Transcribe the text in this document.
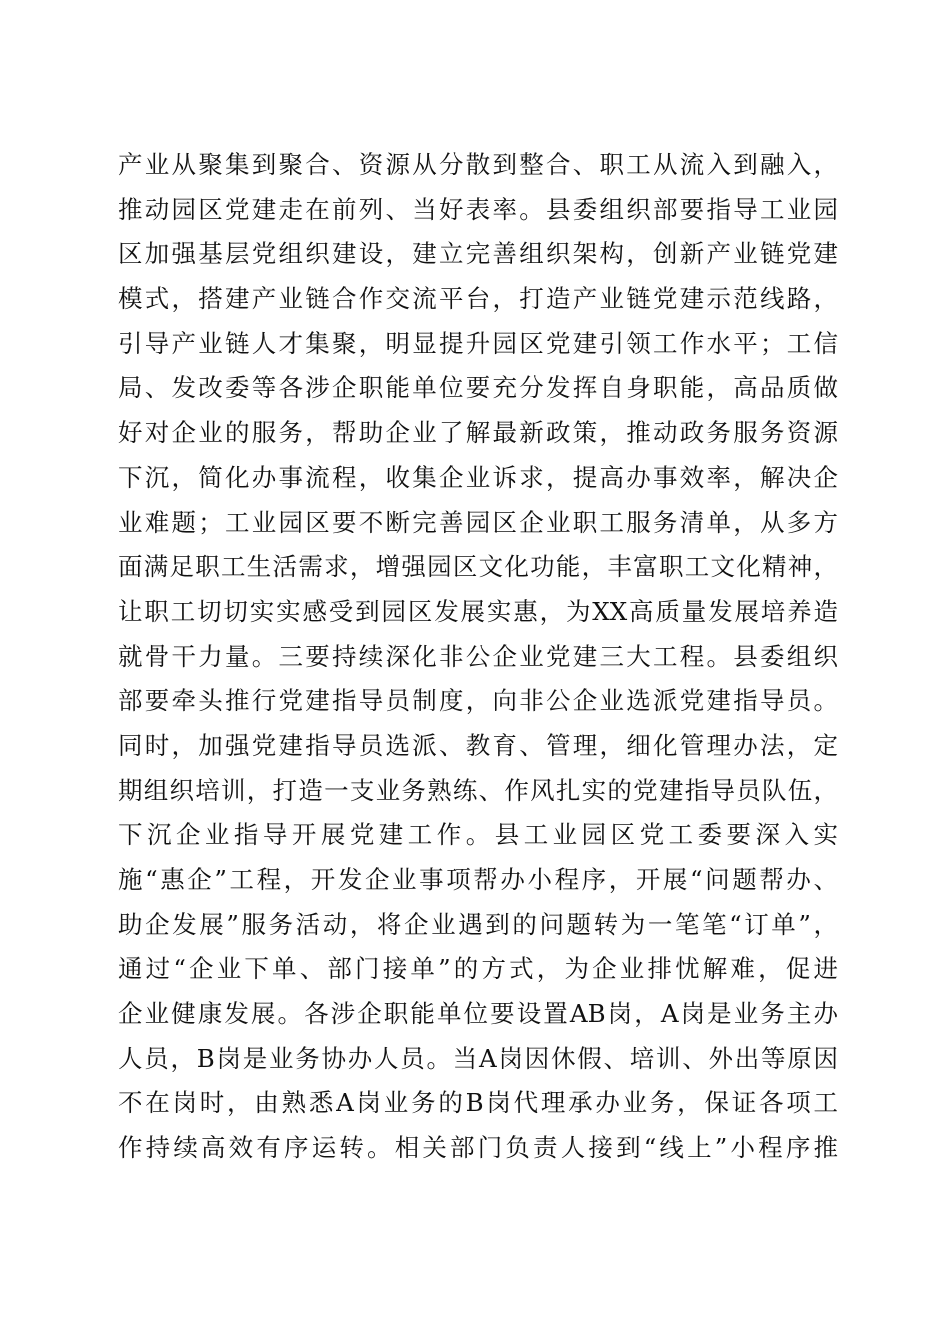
产业从聚集到聚合、资源从分散到整合、职工从流入到融入，
推动园区党建走在前列、当好表率。县委组织部要指导工业园
区加强基层党组织建设，建立完善组织架构，创新产业链党建
模式，搭建产业链合作交流平台，打造产业链党建示范线路，
引导产业链人才集聚，明显提升园区党建引领工作水平；工信
局、发改委等各涉企职能单位要充分发挥自身职能，高品质做
好对企业的服务，帮助企业了解最新政策，推动政务服务资源
下沉，简化办事流程，收集企业诉求，提高办事效率，解决企
业难题；工业园区要不断完善园区企业职工服务清单，从多方
面满足职工生活需求，增强园区文化功能，丰富职工文化精神，
让职工切切实实感受到园区发展实惠，为XX高质量发展培养造
就骨干力量。三要持续深化非公企业党建三大工程。县委组织
部要牵头推行党建指导员制度，向非公企业选派党建指导员。
同时，加强党建指导员选派、教育、管理，细化管理办法，定
期组织培训，打造一支业务熟练、作风扎实的党建指导员队伍，
下沉企业指导开展党建工作。县工业园区党工委要深入实
施“惠企”工程，开发企业事项帮办小程序，开展“问题帮办、
助企发展”服务活动，将企业遇到的问题转为一笔笔“订单”，
通过“企业下单、部门接单”的方式，为企业排忧解难，促进
企业健康发展。各涉企职能单位要设置AB岗，A岗是业务主办
人员，B岗是业务协办人员。当A岗因休假、培训、外出等原因
不在岗时，由熟悉A岗业务的B岗代理承办业务，保证各项工
作持续高效有序运转。相关部门负责人接到“线上”小程序推
